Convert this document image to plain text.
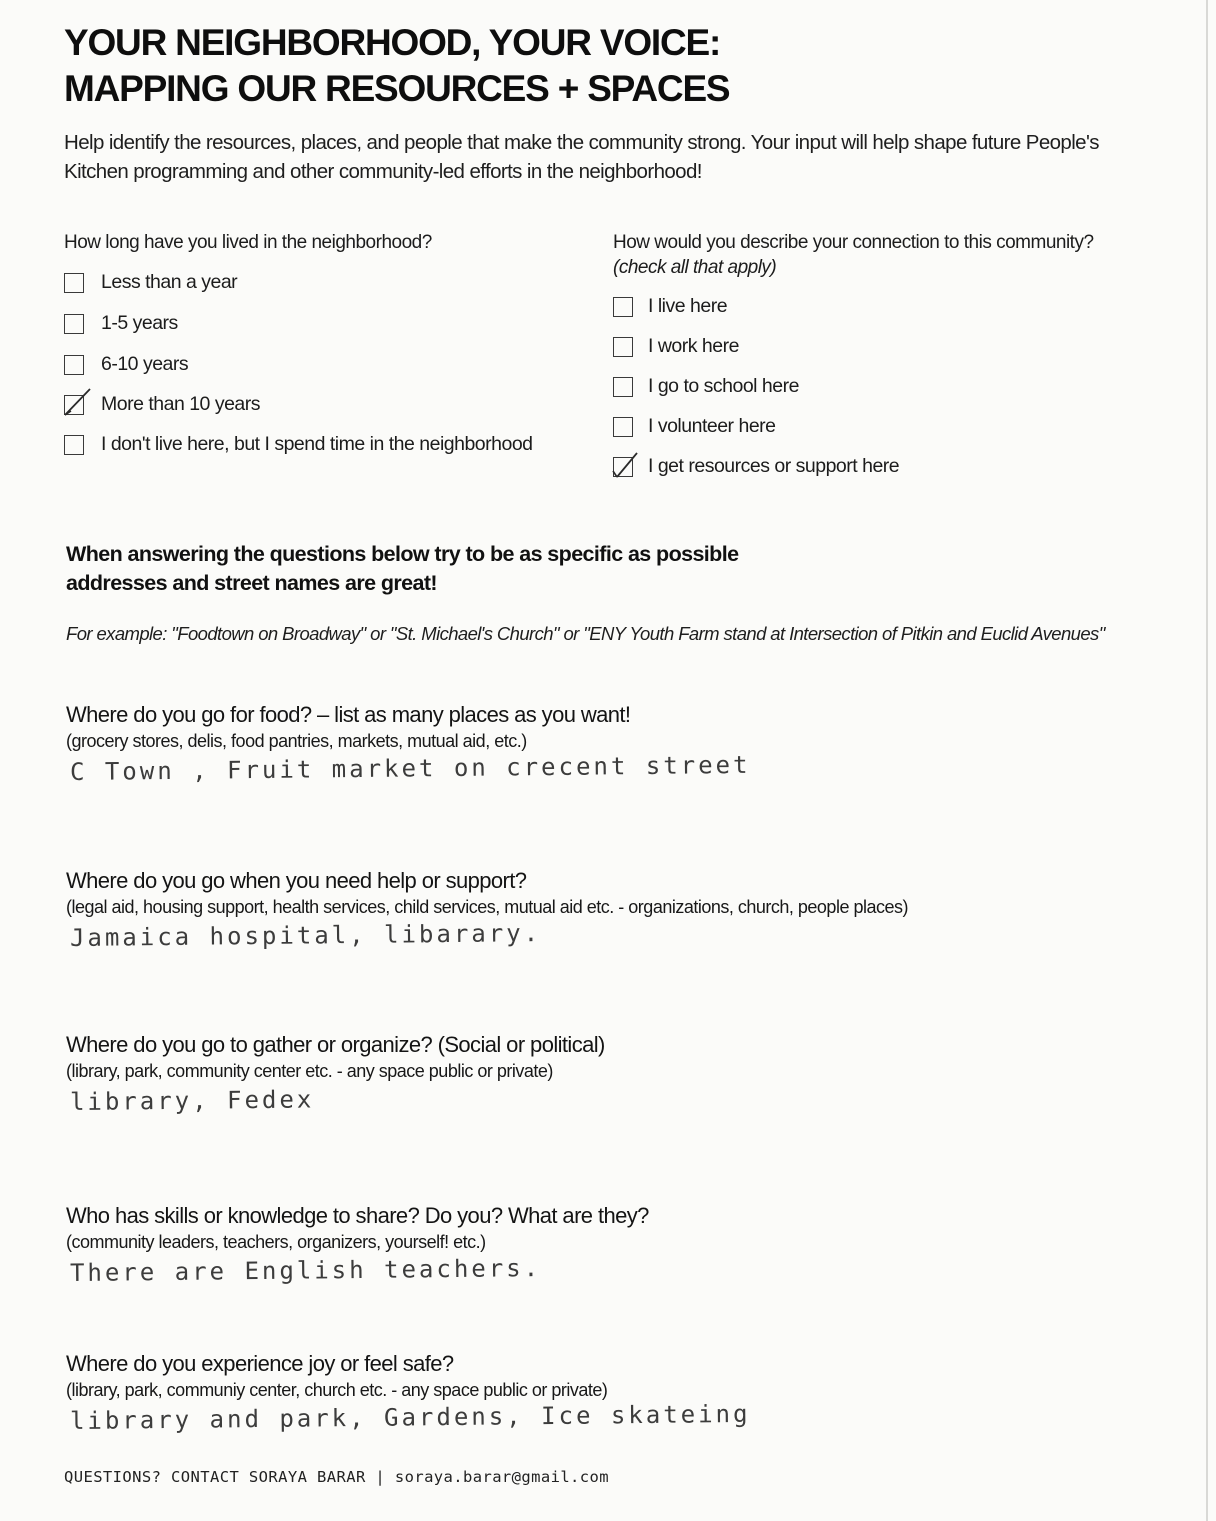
YOUR NEIGHBORHOOD, YOUR VOICE:
MAPPING OUR RESOURCES + SPACES

Help identify the resources, places, and people that make the community strong. Your input will help shape future People's Kitchen programming and other community-led efforts in the neighborhood!

How long have you lived in the neighborhood?

Less than a year
1-5 years
6-10 years
More than 10 years
I don't live here, but I spend time in the neighborhood

How would you describe your connection to this community? (check all that apply)

I live here
I work here
I go to school here
I volunteer here
I get resources or support here
When answering the questions below try to be as specific as possible
addresses and street names are great!

For example: "Foodtown on Broadway" or "St. Michael's Church" or "ENY Youth Farm stand at Intersection of Pitkin and Euclid Avenues"

Where do you go for food? – list as many places as you want!

(grocery stores, delis, food pantries, markets, mutual aid, etc.)

C Town , Fruit market on crecent street

Where do you go when you need help or support?

(legal aid, housing support, health services, child services, mutual aid etc. - organizations, church, people places)

Jamaica hospital, libarary.

Where do you go to gather or organize? (Social or political)

(library, park, community center etc. - any space public or private)

library, Fedex

Who has skills or knowledge to share? Do you? What are they?

(community leaders, teachers, organizers, yourself! etc.)

There are English teachers.

Where do you experience joy or feel safe?

(library, park, communiy center, church etc. - any space public or private)

library and park, Gardens, Ice skateing

QUESTIONS? CONTACT SORAYA BARAR | soraya.barar@gmail.com
